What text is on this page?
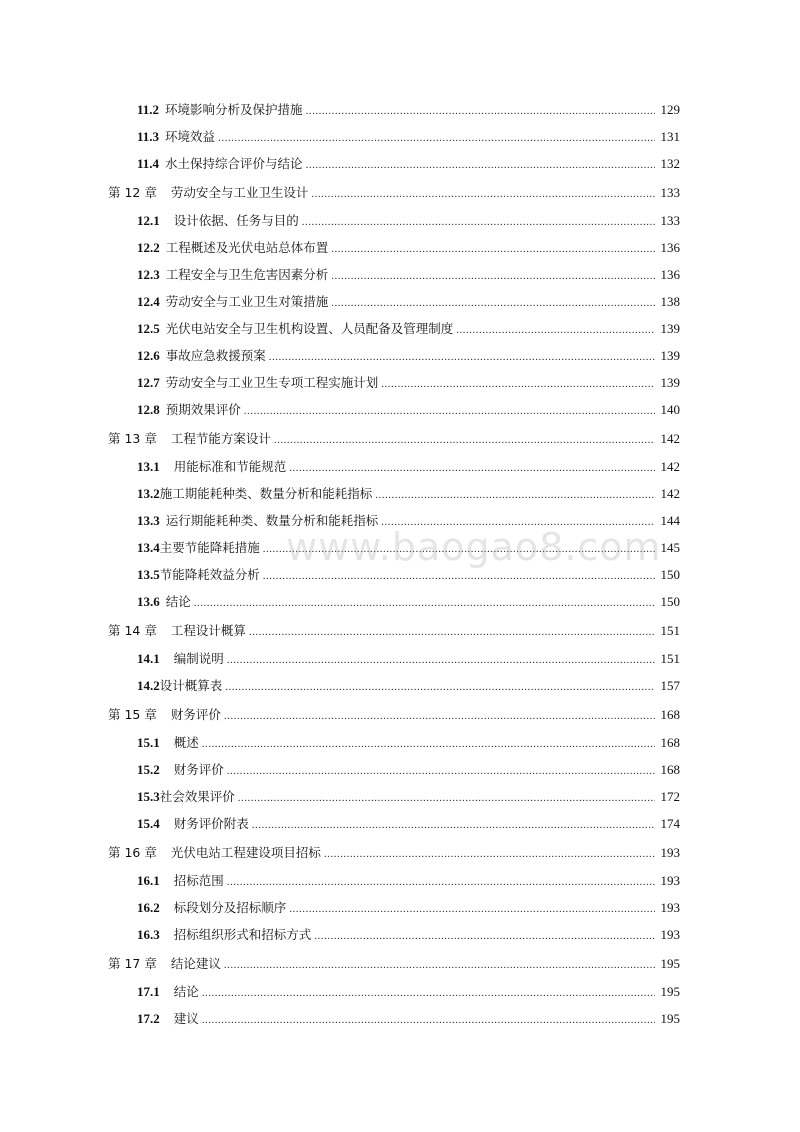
11.2 环境影响分析及保护措施 .....	129
11.3 环境效益 .....	131
11.4 水土保持综合评价与结论 .....	132
第 12 章 劳动安全与工业卫生设计 .....	133
12.1 设计依据、任务与目的 .....	133
12.2 工程概述及光伏电站总体布置 .....	136
12.3 工程安全与卫生危害因素分析 .....	136
12.4 劳动安全与工业卫生对策措施 .....	138
12.5 光伏电站安全与卫生机构设置、人员配备及管理制度 .....	139
12.6 事故应急救援预案 .....	139
12.7 劳动安全与工业卫生专项工程实施计划 .....	139
12.8 预期效果评价 .....	140
第 13 章 工程节能方案设计 .....	142
13.1 用能标准和节能规范 .....	142
13.2 施工期能耗种类、数量分析和能耗指标 .....	142
13.3 运行期能耗种类、数量分析和能耗指标 .....	144
13.4 主要节能降耗措施 .....	145
13.5 节能降耗效益分析 .....	150
13.6 结论 .....	150
第 14 章 工程设计概算 .....	151
14.1 编制说明 .....	151
14.2 设计概算表 .....	157
第 15 章 财务评价 .....	168
15.1 概述 .....	168
15.2 财务评价 .....	168
15.3 社会效果评价 .....	172
15.4 财务评价附表 .....	174
第 16 章 光伏电站工程建设项目招标 .....	193
16.1 招标范围 .....	193
16.2 标段划分及招标顺序 .....	193
16.3 招标组织形式和招标方式 .....	193
第 17 章 结论建议 .....	195
17.1 结论 .....	195
17.2 建议 .....	195
www.baogao8.com
